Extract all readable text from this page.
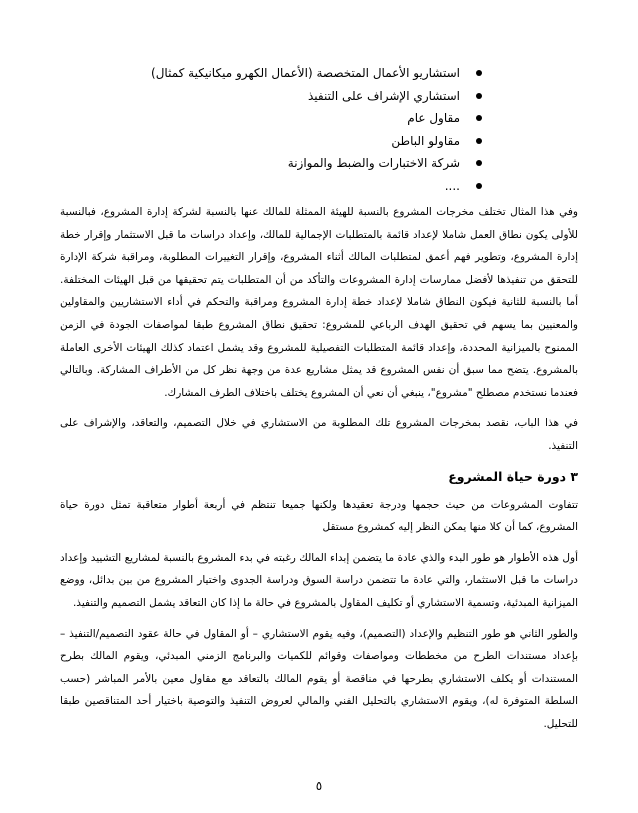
استشاريو الأعمال المتخصصة (الأعمال الكهرو ميكانيكية كمثال)
استشاري الإشراف على التنفيذ
مقاول عام
مقاولو الباطن
شركة الاختبارات والضبط والموازنة
....

وفي هذا المثال تختلف مخرجات المشروع بالنسبة للهيئة الممثلة للمالك عنها بالنسبة لشركة إدارة المشروع، فبالنسبة للأولى يكون نطاق العمل شاملا لإعداد قائمة بالمتطلبات الإجمالية للمالك، وإعداد دراسات ما قبل الاستثمار وإقرار خطة إدارة المشروع، وتطوير فهم أعمق لمتطلبات المالك أثناء المشروع، وإقرار التغييرات المطلوبة، ومراقبة شركة الإدارة للتحقق من تنفيذها لأفضل ممارسات إدارة المشروعات والتأكد من أن المتطلبات يتم تحقيقها من قبل الهيئات المختلفة. أما بالنسبة للثانية فيكون النطاق شاملا لإعداد خطة إدارة المشروع ومراقبة والتحكم في أداء الاستشاريين والمقاولين والمعنيين بما يسهم في تحقيق الهدف الرباعي للمشروع: تحقيق نطاق المشروع طبقا لمواصفات الجودة في الزمن الممنوح بالميزانية المحددة، وإعداد قائمة المتطلبات التفصيلية للمشروع وقد يشمل اعتماد كذلك الهيئات الأخرى العاملة بالمشروع. يتضح مما سبق أن نفس المشروع قد يمثل مشاريع عدة من وجهة نظر كل من الأطراف المشاركة. وبالتالي فعندما نستخدم مصطلح "مشروع"، ينبغي أن نعي أن المشروع يختلف باختلاف الطرف المشارك.

في هذا الباب، نقصد بمخرجات المشروع تلك المطلوبة من الاستشاري في خلال التصميم، والتعاقد، والإشراف على التنفيذ.

٣ دورة حياة المشروع

تتفاوت المشروعات من حيث حجمها ودرجة تعقيدها ولكنها جميعا تنتظم في أربعة أطوار متعاقبة تمثل دورة حياة المشروع، كما أن كلا منها يمكن النظر إليه كمشروع مستقل

أول هذه الأطوار هو طور البدء والذي عادة ما يتضمن إبداء المالك رغبته في بدء المشروع بالنسبة لمشاريع التشييد وإعداد دراسات ما قبل الاستثمار، والتي عادة ما تتضمن دراسة السوق ودراسة الجدوى واختيار المشروع من بين بدائل، ووضع الميزانية المبدئية، وتسمية الاستشاري أو تكليف المقاول بالمشروع في حالة ما إذا كان التعاقد يشمل التصميم والتنفيذ.

والطور الثاني هو طور التنظيم والإعداد (التصميم)، وفيه يقوم الاستشاري – أو المقاول في حالة عقود التصميم/التنفيذ – بإعداد مستندات الطرح من مخططات ومواصفات وقوائم للكميات والبرنامج الزمني المبدئي، ويقوم المالك بطرح المستندات أو يكلف الاستشاري بطرحها في مناقصة أو يقوم المالك بالتعاقد مع مقاول معين بالأمر المباشر (حسب السلطة المتوفرة له)، ويقوم الاستشاري بالتحليل الفني والمالي لعروض التنفيذ والتوصية باختيار أحد المتناقصين طبقا للتحليل.

٥
